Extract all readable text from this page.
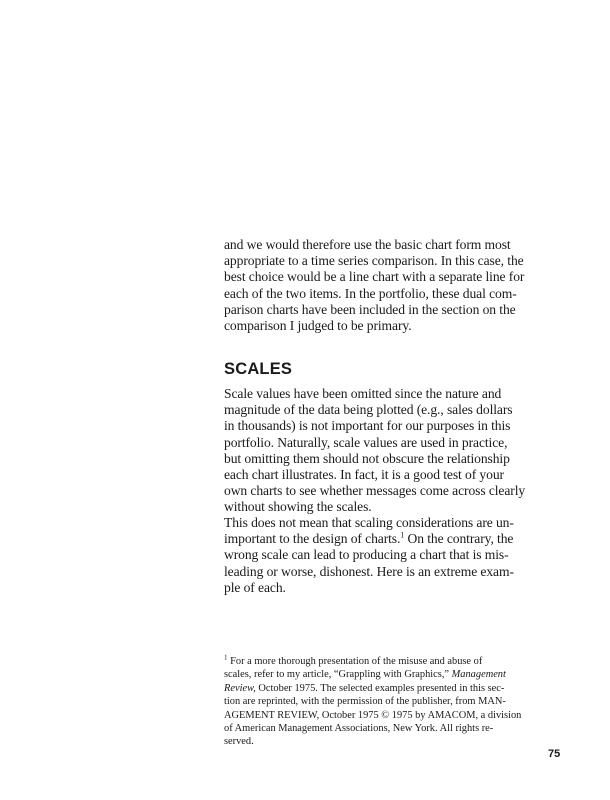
and we would therefore use the basic chart form most
appropriate to a time series comparison. In this case, the
best choice would be a line chart with a separate line for
each of the two items. In the portfolio, these dual com-
parison charts have been included in the section on the
comparison I judged to be primary.
SCALES
Scale values have been omitted since the nature and
magnitude of the data being plotted (e.g., sales dollars
in thousands) is not important for our purposes in this
portfolio. Naturally, scale values are used in practice,
but omitting them should not obscure the relationship
each chart illustrates. In fact, it is a good test of your
own charts to see whether messages come across clearly
without showing the scales.
This does not mean that scaling considerations are un-
important to the design of charts.$^1$ On the contrary, the
wrong scale can lead to producing a chart that is mis-
leading or worse, dishonest. Here is an extreme exam-
ple of each.
$^1$ For a more thorough presentation of the misuse and abuse of
scales, refer to my article, “Grappling with Graphics,” Management
Review, October 1975. The selected examples presented in this sec-
tion are reprinted, with the permission of the publisher, from MAN-
AGEMENT REVIEW, October 1975 © 1975 by AMACOM, a division
of American Management Associations, New York. All rights re-
served.

75
